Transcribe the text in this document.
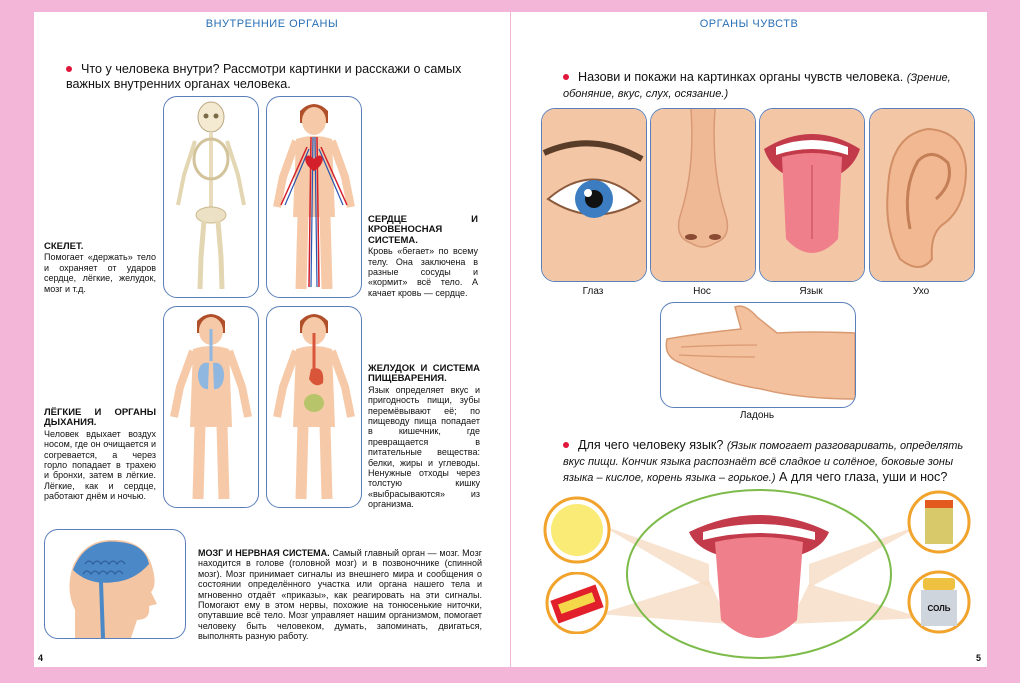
ВНУТРЕННИЕ ОРГАНЫ
Что у человека внутри? Рассмотри картинки и расскажи о самых важных внутренних органах человека.
СКЕЛЕТ.
Помогает «держать» тело и охраняет от ударов сердце, лёгкие, желудок, мозг и т.д.
СЕРДЦЕ И КРОВЕНОСНАЯ СИСТЕМА.
Кровь «бегает» по всему телу. Она заключена в разные сосуды и «кормит» всё тело. А качает кровь — сердце.
ЛЁГКИЕ И ОРГАНЫ ДЫХАНИЯ.
Человек вдыхает воздух носом, где он очищается и согревается, а через горло попадает в трахею и бронхи, затем в лёгкие. Лёгкие, как и сердце, работают днём и ночью.
ЖЕЛУДОК И СИСТЕМА ПИЩЕВАРЕНИЯ.
Язык определяет вкус и пригодность пищи, зубы перемёвывают её; по пищеводу пища попадает в кишечник, где превращается в питательные вещества: белки, жиры и углеводы. Ненужные отходы через толстую кишку «выбрасываются» из организма.
МОЗГ И НЕРВНАЯ СИСТЕМА. Самый главный орган — мозг. Мозг находится в голове (головной мозг) и в позвоночнике (спинной мозг). Мозг принимает сигналы из внешнего мира и сообщения о состоянии определённого участка или органа нашего тела и мгновенно отдаёт «приказы», как реагировать на эти сигналы. Помогают ему в этом нервы, похожие на тонюсенькие ниточки, опутавшие всё тело. Мозг управляет нашим организмом, помогает человеку быть человеком, думать, запоминать, двигаться, выполнять разную работу.
4
ОРГАНЫ ЧУВСТВ
Назови и покажи на картинках органы чувств человека. (Зрение, обоняние, вкус, слух, осязание.)
Глаз	Нос	Язык	Ухо
Ладонь
Для чего человеку язык? (Язык помогает разговаривать, определять вкус пищи. Кончик языка распознаёт всё сладкое и солёное, боковые зоны языка – кислое, корень языка – горькое.) А для чего глаза, уши и нос?
СОЛЬ
5
